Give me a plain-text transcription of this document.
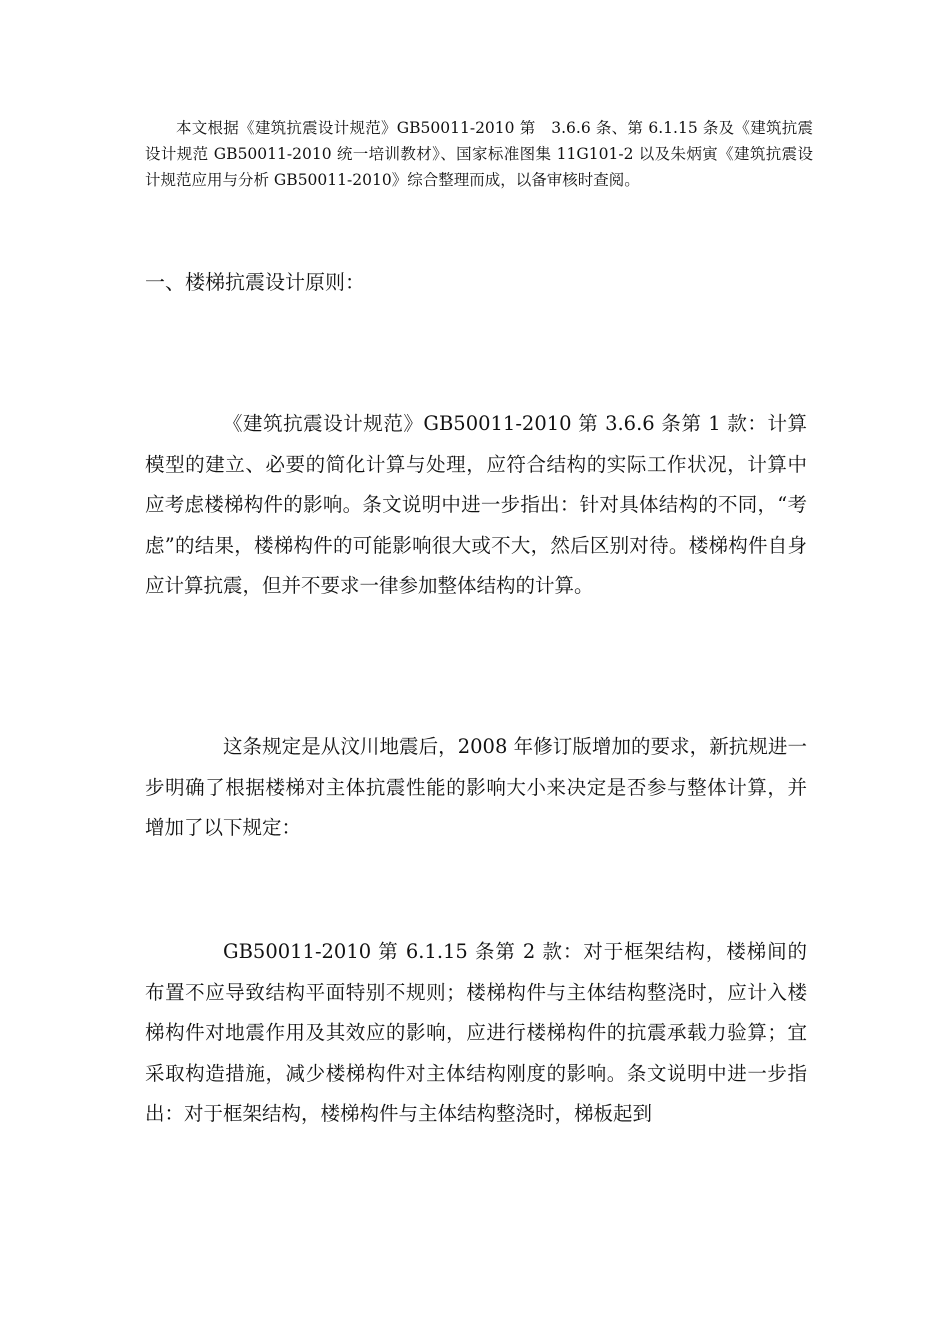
本文根据《建筑抗震设计规范》GB50011-2010 第　3.6.6 条、第 6.1.15 条及《建筑抗震设计规范 GB50011-2010 统一培训教材》、国家标准图集 11G101-2 以及朱炳寅《建筑抗震设计规范应用与分析 GB50011-2010》综合整理而成，以备审核时查阅。

一、楼梯抗震设计原则：

《建筑抗震设计规范》GB50011-2010 第 3.6.6 条第 1 款：计算模型的建立、必要的简化计算与处理，应符合结构的实际工作状况，计算中应考虑楼梯构件的影响。条文说明中进一步指出：针对具体结构的不同，“考虑”的结果，楼梯构件的可能影响很大或不大，然后区别对待。楼梯构件自身应计算抗震，但并不要求一律参加整体结构的计算。

这条规定是从汶川地震后，2008 年修订版增加的要求，新抗规进一步明确了根据楼梯对主体抗震性能的影响大小来决定是否参与整体计算，并增加了以下规定：

GB50011-2010 第 6.1.15 条第 2 款：对于框架结构，楼梯间的布置不应导致结构平面特别不规则；楼梯构件与主体结构整浇时，应计入楼梯构件对地震作用及其效应的影响，应进行楼梯构件的抗震承载力验算；宜采取构造措施，减少楼梯构件对主体结构刚度的影响。条文说明中进一步指出：对于框架结构，楼梯构件与主体结构整浇时，梯板起到
